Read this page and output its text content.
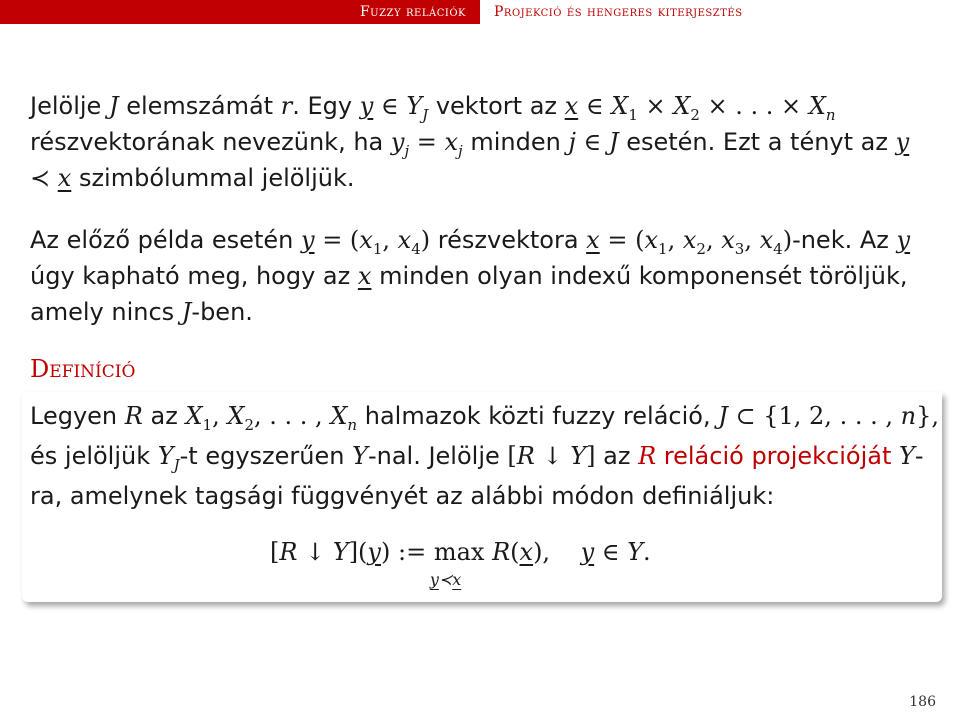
Fuzzy relációk	Projekció és hengeres kiterjesztés

Jelölje J elemszámát r. Egy y ∈ $Y_J$ vektort az x ∈ $X_1 \times X_2$ × . . . × $X_n$ részvektorának nevezünk, ha $y_j = x_j$ minden j ∈ J esetén. Ezt a tényt az y ≺ x szimbólummal jelöljük.

Az előző példa esetén $y = (x_1$, $x_4$) részvektora $x = (x_1$, $x_2$, $x_3$, $x_4$)-nek. Az y úgy kapható meg, hogy az x minden olyan indexű komponensét töröljük, amely nincs J-ben.

Definíció
Legyen R az $X_1$, $X_2$, . . . , $X_n$ halmazok közti fuzzy reláció, J ⊂ {1, 2, . . . , n}, és jelöljük $Y_J-t$ egyszerűen Y-nal. Jelölje [R ↓ Y] az R reláció projekcióját Y-ra, amelynek tagsági függvényét az alábbi módon definiáljuk:
[R ↓ Y](y) := max
y≺x
R(x), y ∈ Y.
186
